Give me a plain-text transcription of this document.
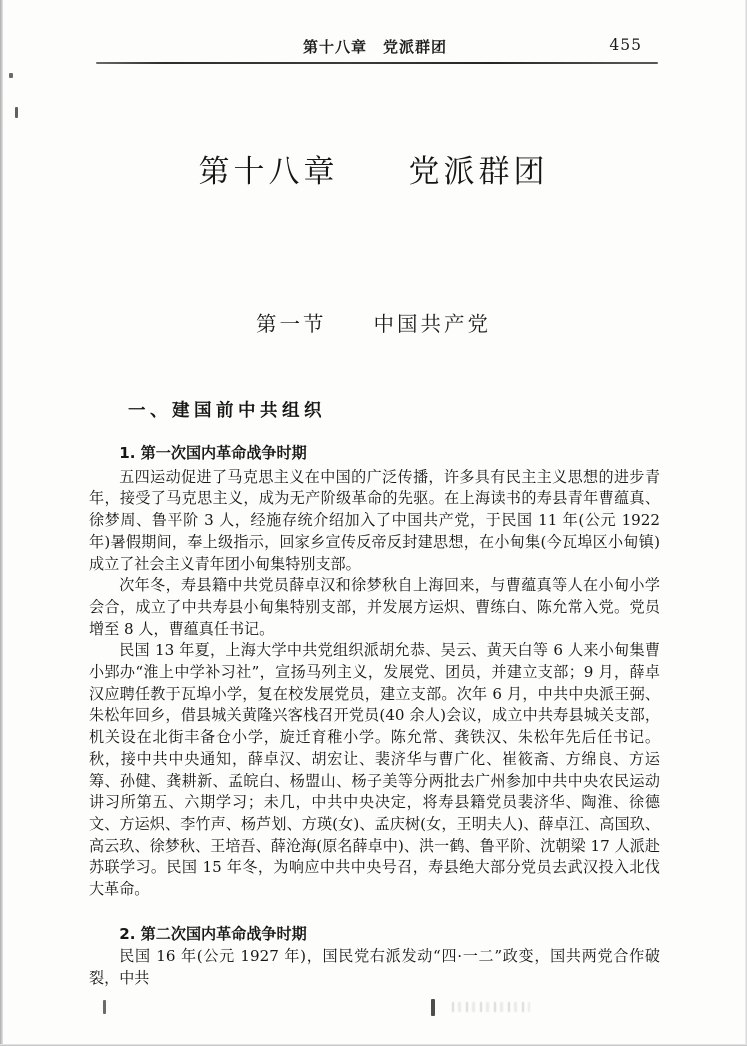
第十八章　党派群团	455
第十八章　　党派群团
第一节　　中国共产党
一、建国前中共组织

1. 第一次国内革命战争时期

五四运动促进了马克思主义在中国的广泛传播，许多具有民主主义思想的进步青年，接受了马克思主义，成为无产阶级革命的先驱。在上海读书的寿县青年曹蕴真、徐梦周、鲁平阶 3 人，经施存统介绍加入了中国共产党，于民国 11 年(公元 1922 年)暑假期间，奉上级指示，回家乡宣传反帝反封建思想，在小甸集(今瓦埠区小甸镇)成立了社会主义青年团小甸集特别支部。

次年冬，寿县籍中共党员薛卓汉和徐梦秋自上海回来，与曹蕴真等人在小甸小学会合，成立了中共寿县小甸集特别支部，并发展方运炽、曹练白、陈允常入党。党员增至 8 人，曹蕴真任书记。

民国 13 年夏，上海大学中共党组织派胡允恭、吴云、黄天白等 6 人来小甸集曹小郢办“淮上中学补习社”，宣扬马列主义，发展党、团员，并建立支部；9 月，薛卓汉应聘任教于瓦埠小学，复在校发展党员，建立支部。次年 6 月，中共中央派王弼、朱松年回乡，借县城关黄隆兴客栈召开党员(40 余人)会议，成立中共寿县城关支部，机关设在北街丰备仓小学，旋迁育稚小学。陈允常、龚铁汉、朱松年先后任书记。秋，接中共中央通知，薛卓汉、胡宏让、裴济华与曹广化、崔筱斋、方绵良、方运筹、孙健、龚耕新、孟皖白、杨盟山、杨子美等分两批去广州参加中共中央农民运动讲习所第五、六期学习；未几，中共中央决定，将寿县籍党员裴济华、陶淮、徐德文、方运炽、李竹声、杨芦划、方瑛(女)、孟庆树(女，王明夫人)、薛卓江、高国玖、高云玖、徐梦秋、王培吾、薛沧海(原名薛卓中)、洪一鹤、鲁平阶、沈朝梁 17 人派赴苏联学习。民国 15 年冬，为响应中共中央号召，寿县绝大部分党员去武汉投入北伐大革命。

2. 第二次国内革命战争时期

民国 16 年(公元 1927 年)，国民党右派发动“四·一二”政变，国共两党合作破裂，中共
